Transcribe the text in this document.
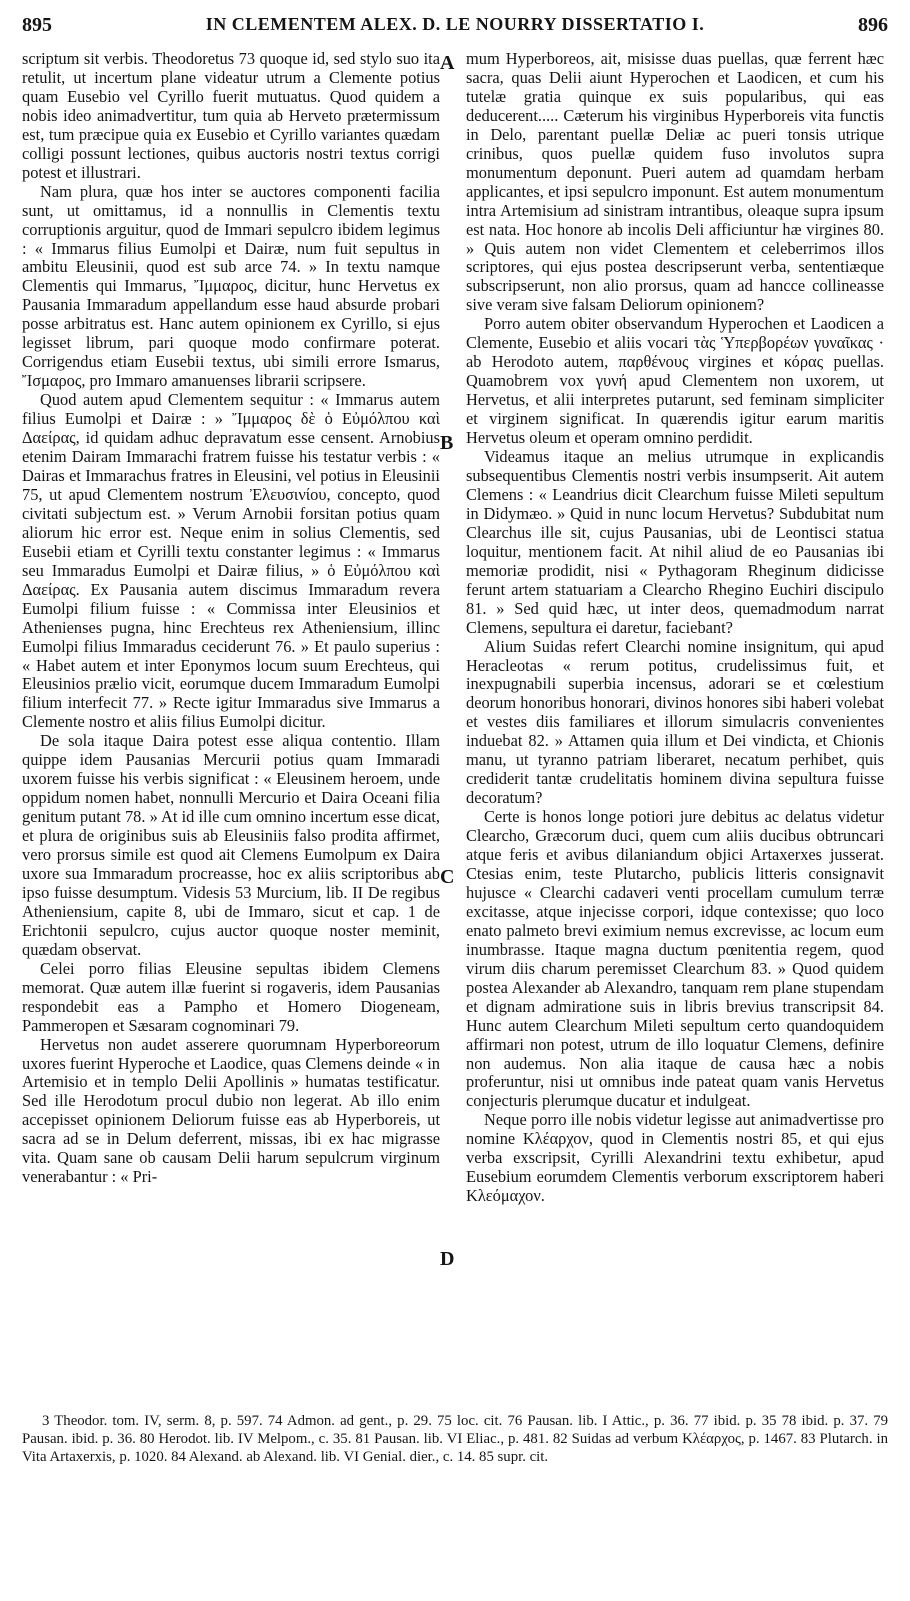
895	IN CLEMENTEM ALEX. D. LE NOURRY DISSERTATIO I.	896

scriptum sit verbis. Theodoretus 73 quoque id, sed stylo suo ita retulit, ut incertum plane videatur utrum a Clemente potius quam Eusebio vel Cyrillo fuerit mutuatus. Quod quidem a nobis ideo animadvertitur, tum quia ab Herveto prætermissum est, tum præcipue quia ex Eusebio et Cyrillo variantes quædam colligi possunt lectiones, quibus auctoris nostri textus corrigi potest et illustrari.

Nam plura, quæ hos inter se auctores componenti facilia sunt, ut omittamus, id a nonnullis in Clementis textu corruptionis arguitur, quod de Immari sepulcro ibidem legimus : « Immarus filius Eumolpi et Dairæ, num fuit sepultus in ambitu Eleusinii, quod est sub arce 74. » In textu namque Clementis qui Immarus, Ἴμμαρος, dicitur, hunc Hervetus ex Pausania Immaradum appellandum esse haud absurde probari posse arbitratus est. Hanc autem opinionem ex Cyrillo, si ejus legisset librum, pari quoque modo confirmare poterat. Corrigendus etiam Eusebii textus, ubi simili errore Ismarus, Ἴσμαρος, pro Immaro amanuenses librarii scripsere.

Quod autem apud Clementem sequitur : « Immarus autem filius Eumolpi et Dairæ : » Ἴμμαρος δὲ ὁ Εὐμόλπου καὶ Δαείρας, id quidam adhuc depravatum esse censent. Arnobius etenim Dairam Immarachi fratrem fuisse his testatur verbis : « Dairas et Immarachus fratres in Eleusini, vel potius in Eleusinii 75, ut apud Clementem nostrum Ἐλευσινίου, concepto, quod civitati subjectum est. » Verum Arnobii forsitan potius quam aliorum hic error est. Neque enim in solius Clementis, sed Eusebii etiam et Cyrilli textu constanter legimus : « Immarus seu Immaradus Eumolpi et Dairæ filius, » ὁ Εὐμόλπου καὶ Δαείρας. Ex Pausania autem discimus Immaradum revera Eumolpi filium fuisse : « Commissa inter Eleusinios et Athenienses pugna, hinc Erechteus rex Atheniensium, illinc Eumolpi filius Immaradus ceciderunt 76. » Et paulo superius : « Habet autem et inter Eponymos locum suum Erechteus, qui Eleusinios prælio vicit, eorumque ducem Immaradum Eumolpi filium interfecit 77. » Recte igitur Immaradus sive Immarus a Clemente nostro et aliis filius Eumolpi dicitur.

De sola itaque Daira potest esse aliqua contentio. Illam quippe idem Pausanias Mercurii potius quam Immaradi uxorem fuisse his verbis significat : « Eleusinem heroem, unde oppidum nomen habet, nonnulli Mercurio et Daira Oceani filia genitum putant 78. » At id ille cum omnino incertum esse dicat, et plura de originibus suis ab Eleusiniis falso prodita affirmet, vero prorsus simile est quod ait Clemens Eumolpum ex Daira uxore sua Immaradum procreasse, hoc ex aliis scriptoribus ab ipso fuisse desumptum. Videsis 53 Murcium, lib. II De regibus Atheniensium, capite 8, ubi de Immaro, sicut et cap. 1 de Erichtonii sepulcro, cujus auctor quoque noster meminit, quædam observat.

Celei porro filias Eleusine sepultas ibidem Clemens memorat. Quæ autem illæ fuerint si rogaveris, idem Pausanias respondebit eas a Pampho et Homero Diogeneam, Pammeropen et Sæsaram cognominari 79.

Hervetus non audet asserere quorumnam Hyperboreorum uxores fuerint Hyperoche et Laodice, quas Clemens deinde « in Artemisio et in templo Delii Apollinis » humatas testificatur. Sed ille Herodotum procul dubio non legerat. Ab illo enim accepisset opinionem Deliorum fuisse eas ab Hyperboreis, ut sacra ad se in Delum deferrent, missas, ibi ex hac migrasse vita. Quam sane ob causam Delii harum sepulcrum virginum venerabantur : « Pri-

A
B
C
D

mum Hyperboreos, ait, misisse duas puellas, quæ ferrent hæc sacra, quas Delii aiunt Hyperochen et Laodicen, et cum his tutelæ gratia quinque ex suis popularibus, qui eas deducerent..... Cæterum his virginibus Hyperboreis vita functis in Delo, parentant puellæ Deliæ ac pueri tonsis utrique crinibus, quos puellæ quidem fuso involutos supra monumentum deponunt. Pueri autem ad quamdam herbam applicantes, et ipsi sepulcro imponunt. Est autem monumentum intra Artemisium ad sinistram intrantibus, oleaque supra ipsum est nata. Hoc honore ab incolis Deli afficiuntur hæ virgines 80. » Quis autem non videt Clementem et celeberrimos illos scriptores, qui ejus postea descripserunt verba, sententiæque subscripserunt, non alio prorsus, quam ad hancce collineasse sive veram sive falsam Deliorum opinionem?

Porro autem obiter observandum Hyperochen et Laodicen a Clemente, Eusebio et aliis vocari τὰς Ὑπερβορέων γυναῖκας · ab Herodoto autem, παρθένους virgines et κόρας puellas. Quamobrem vox γυνή apud Clementem non uxorem, ut Hervetus, et alii interpretes putarunt, sed feminam simpliciter et virginem significat. In quærendis igitur earum maritis Hervetus oleum et operam omnino perdidit.

Videamus itaque an melius utrumque in explicandis subsequentibus Clementis nostri verbis insumpserit. Ait autem Clemens : « Leandrius dicit Clearchum fuisse Mileti sepultum in Didymæo. » Quid in nunc locum Hervetus? Subdubitat num Clearchus ille sit, cujus Pausanias, ubi de Leontisci statua loquitur, mentionem facit. At nihil aliud de eo Pausanias ibi memoriæ prodidit, nisi « Pythagoram Rheginum didicisse ferunt artem statuariam a Clearcho Rhegino Euchiri discipulo 81. » Sed quid hæc, ut inter deos, quemadmodum narrat Clemens, sepultura ei daretur, faciebant?

Alium Suidas refert Clearchi nomine insignitum, qui apud Heracleotas « rerum potitus, crudelissimus fuit, et inexpugnabili superbia incensus, adorari se et cœlestium deorum honoribus honorari, divinos honores sibi haberi volebat et vestes diis familiares et illorum simulacris convenientes induebat 82. » Attamen quia illum et Dei vindicta, et Chionis manu, ut tyranno patriam liberaret, necatum perhibet, quis crediderit tantæ crudelitatis hominem divina sepultura fuisse decoratum?

Certe is honos longe potiori jure debitus ac delatus videtur Clearcho, Græcorum duci, quem cum aliis ducibus obtruncari atque feris et avibus dilaniandum objici Artaxerxes jusserat. Ctesias enim, teste Plutarcho, publicis litteris consignavit hujusce « Clearchi cadaveri venti procellam cumulum terræ excitasse, atque injecisse corpori, idque contexisse; quo loco enato palmeto brevi eximium nemus excrevisse, ac locum eum inumbrasse. Itaque magna ductum pœnitentia regem, quod virum diis charum peremisset Clearchum 83. » Quod quidem postea Alexander ab Alexandro, tanquam rem plane stupendam et dignam admiratione suis in libris brevius transcripsit 84. Hunc autem Clearchum Mileti sepultum certo quandoquidem affirmari non potest, utrum de illo loquatur Clemens, definire non audemus. Non alia itaque de causa hæc a nobis proferuntur, nisi ut omnibus inde pateat quam vanis Hervetus conjecturis plerumque ducatur et indulgeat.

Neque porro ille nobis videtur legisse aut animadvertisse pro nomine Κλέαρχον, quod in Clementis nostri 85, et qui ejus verba exscripsit, Cyrilli Alexandrini textu exhibetur, apud Eusebium eorumdem Clementis verborum exscriptorem haberi Κλεόμαχον.

3 Theodor. tom. IV, serm. 8, p. 597. 74 Admon. ad gent., p. 29. 75 loc. cit. 76 Pausan. lib. I Attic., p. 36. 77 ibid. p. 35 78 ibid. p. 37. 79 Pausan. ibid. p. 36. 80 Herodot. lib. IV Melpom., c. 35. 81 Pausan. lib. VI Eliac., p. 481. 82 Suidas ad verbum Κλέαρχος, p. 1467. 83 Plutarch. in Vita Artaxerxis, p. 1020. 84 Alexand. ab Alexand. lib. VI Genial. dier., c. 14. 85 supr. cit.
